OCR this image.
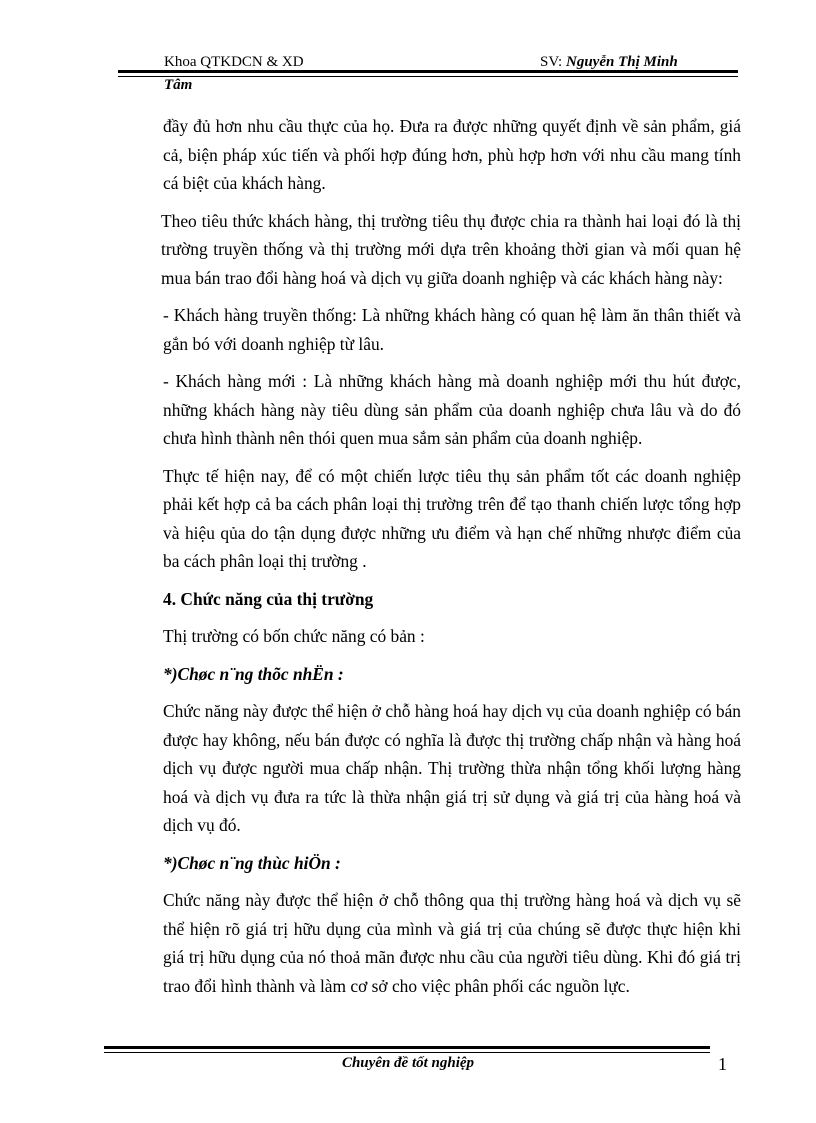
Khoa QTKDCN & XD	SV: Nguyễn Thị Minh
Tâm

đầy đủ hơn nhu cầu thực của họ. Đưa ra được những quyết định về sản phẩm, giá cả, biện pháp xúc tiến và phối hợp đúng hơn, phù hợp hơn với nhu cầu mang tính cá biệt của khách hàng.

Theo tiêu thức khách hàng, thị trường tiêu thụ được chia ra thành hai loại đó là thị trường truyền thống và thị trường mới dựa trên khoảng thời gian và mối quan hệ mua bán trao đổi hàng hoá và dịch vụ giữa doanh nghiệp và các khách hàng này:

- Khách hàng truyền thống: Là những khách hàng có quan hệ làm ăn thân thiết và gắn bó với doanh nghiệp từ lâu.

- Khách hàng mới : Là những khách hàng mà doanh nghiệp mới thu hút được, những khách hàng này tiêu dùng sản phẩm của doanh nghiệp chưa lâu và do đó chưa hình thành nên thói quen mua sắm sản phẩm của doanh nghiệp.

Thực tế hiện nay, để có một chiến lược tiêu thụ sản phẩm tốt các doanh nghiệp phải kết hợp cả ba cách phân loại thị trường trên để tạo thanh chiến lược tổng hợp và hiệu qủa do tận dụng được những ưu điểm và hạn chế những nhược điểm của ba cách phân loại thị trường .

4. Chức năng của thị trường

Thị trường có bốn chức năng có bản :

*)Chøc n¨ng thõc nhËn :

Chức năng này được thể hiện ở chỗ hàng hoá hay dịch vụ của doanh nghiệp có bán được hay không, nếu bán được có nghĩa là được thị trường chấp nhận và hàng hoá dịch vụ được người mua chấp nhận. Thị trường thừa nhận tổng khối lượng hàng hoá và dịch vụ đưa ra tức là thừa nhận giá trị sử dụng và giá trị của hàng hoá và dịch vụ đó.

*)Chøc n¨ng thùc hiÖn :

Chức năng này được thể hiện ở chỗ thông qua thị trường hàng hoá và dịch vụ sẽ thể hiện rõ giá trị hữu dụng của mình và giá trị của chúng sẽ được thực hiện khi giá trị hữu dụng của nó thoả mãn được nhu cầu của người tiêu dùng. Khi đó giá trị trao đổi hình thành và làm cơ sở cho việc phân phối các nguồn lực.

Chuyên đề tốt nghiệp	1
